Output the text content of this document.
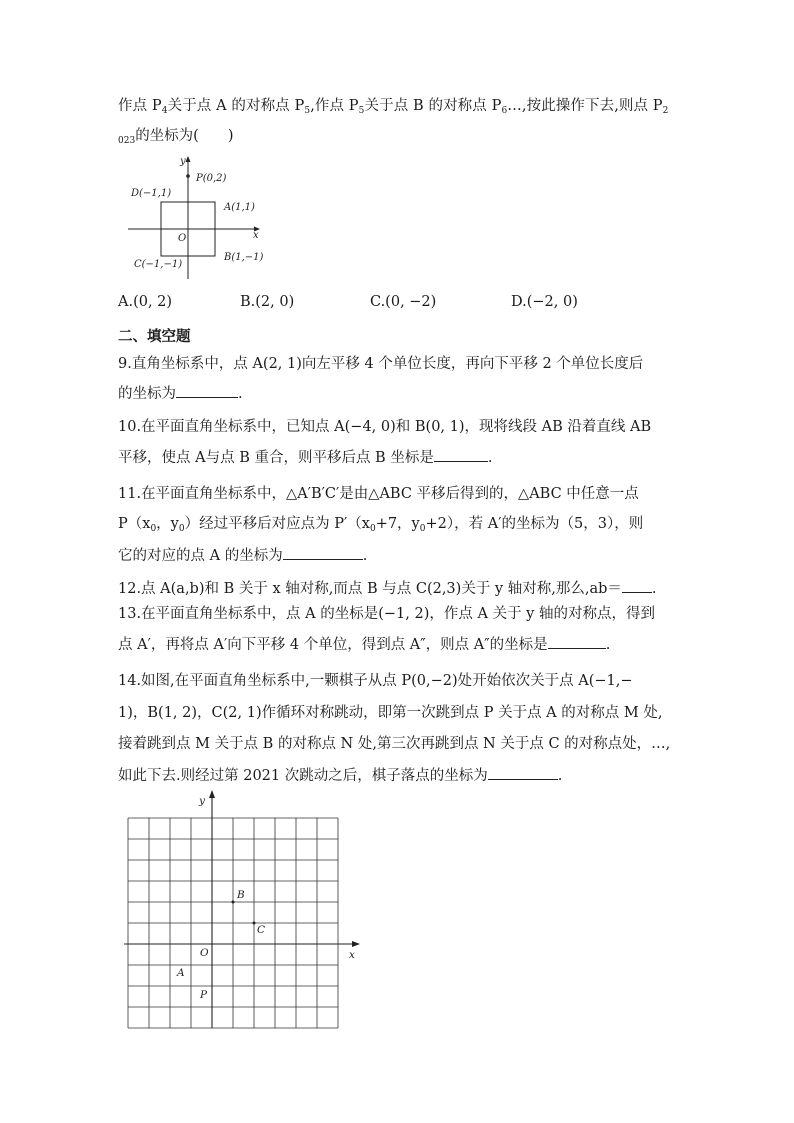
作点 $P_4$关于点 A 的对称点 $P_5$,作点 $P_5$关于点 B 的对称点 $P_6\dots$,按此操作下去,则点 $P_2$
$_{023}$的坐标为(　　)
y
x
O
P(0,2)
D(−1,1)
A(1,1)
C(−1,−1)
B(1,−1)
A.(0, 2)	B.(2, 0)	C.(0, −2)	D.(−2, 0)
二、填空题
9.直角坐标系中，点 A(2, 1)向左平移 4 个单位长度，再向下平移 2 个单位长度后
的坐标为	.
10.在平面直角坐标系中，已知点 A(−4, 0)和 B(0, 1)，现将线段 AB 沿着直线 AB
平移，使点 A与点 B 重合，则平移后点 B 坐标是	.
11.在平面直角坐标系中，△A′B′C′是由△ABC 平移后得到的，△ABC 中任意一点
$P(x_0$，$y_0$）经过平移后对应点为 $P'(x_0+7$，$y_0+2$），若 A′的坐标为（5，3），则
它的对应的点 A 的坐标为	.
12.点 A(a,b)和 B 关于 x 轴对称,而点 B 与点 C(2,3)关于 y 轴对称,那么,ab＝ .
13.在平面直角坐标系中，点 A 的坐标是(−1, 2)，作点 A 关于 y 轴的对称点，得到
点 A′，再将点 A′向下平移 4 个单位，得到点 A″，则点 A″的坐标是	.
14.如图,在平面直角坐标系中,一颗棋子从点 P(0,−2)处开始依次关于点 A(−1,−
1)，B(1, 2)，C(2, 1)作循环对称跳动，即第一次跳到点 P 关于点 A 的对称点 M 处,
接着跳到点 M 关于点 B 的对称点 N 处,第三次再跳到点 N 关于点 C 的对称点处，…,
如此下去.则经过第 2021 次跳动之后，棋子落点的坐标为	.
y
x
O
B
C
A
P
